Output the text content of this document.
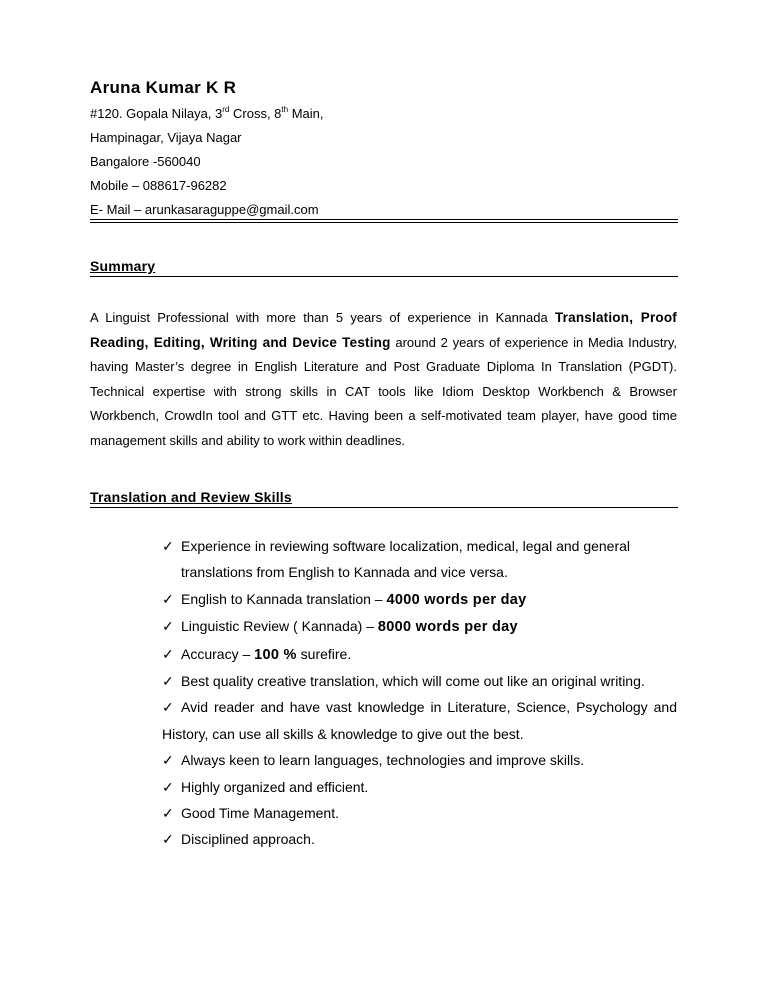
Aruna Kumar K R
#120. Gopala Nilaya, 3rd Cross, 8th Main,
Hampinagar, Vijaya Nagar
Bangalore -560040
Mobile – 088617-96282
E- Mail – arunkasaraguppe@gmail.com
Summary
A Linguist Professional with more than 5 years of experience in Kannada Translation, Proof Reading, Editing, Writing and Device Testing around 2 years of experience in Media Industry, having Master’s degree in English Literature and Post Graduate Diploma In Translation (PGDT). Technical expertise with strong skills in CAT tools like Idiom Desktop Workbench & Browser Workbench, CrowdIn tool and GTT etc. Having been a self-motivated team player, have good time management skills and ability to work within deadlines.
Translation and Review Skills
✓ Experience in reviewing software localization, medical, legal and general
translations from English to Kannada and vice versa.
✓ English to Kannada translation – 4000 words per day
✓ Linguistic Review ( Kannada) – 8000 words per day
✓ Accuracy – 100 % surefire.
✓ Best quality creative translation, which will come out like an original writing.
✓ Avid reader and have vast knowledge in Literature, Science, Psychology and History, can use all skills & knowledge to give out the best.
✓ Always keen to learn languages, technologies and improve skills.
✓ Highly organized and efficient.
✓ Good Time Management.
✓ Disciplined approach.
